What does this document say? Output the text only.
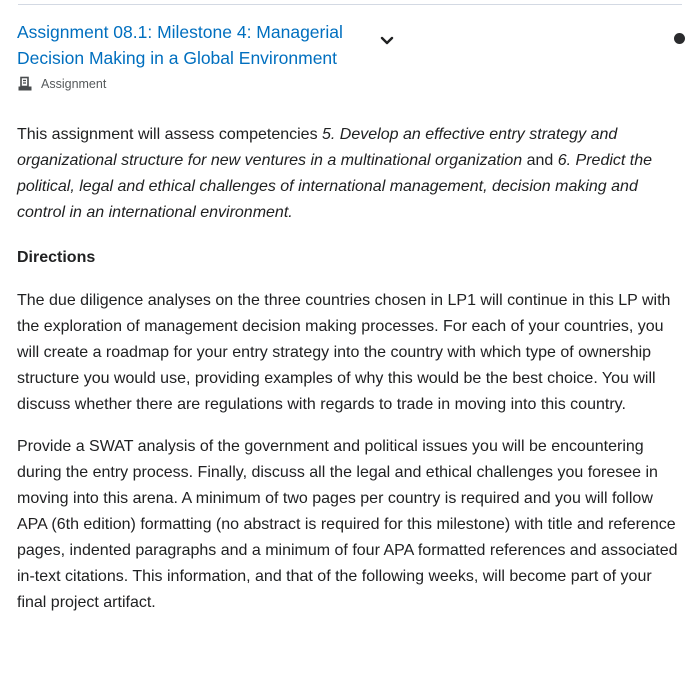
Assignment 08.1: Milestone 4: Managerial Decision Making in a Global Environment
Assignment

This assignment will assess competencies 5. Develop an effective entry strategy and organizational structure for new ventures in a multinational organization and 6. Predict the political, legal and ethical challenges of international management, decision making and control in an international environment.

Directions

The due diligence analyses on the three countries chosen in LP1 will continue in this LP with the exploration of management decision making processes. For each of your countries, you will create a roadmap for your entry strategy into the country with which type of ownership structure you would use, providing examples of why this would be the best choice. You will discuss whether there are regulations with regards to trade in moving into this country.

Provide a SWAT analysis of the government and political issues you will be encountering during the entry process. Finally, discuss all the legal and ethical challenges you foresee in moving into this arena. A minimum of two pages per country is required and you will follow APA (6th edition) formatting (no abstract is required for this milestone) with title and reference pages, indented paragraphs and a minimum of four APA formatted references and associated in-text citations. This information, and that of the following weeks, will become part of your final project artifact.
